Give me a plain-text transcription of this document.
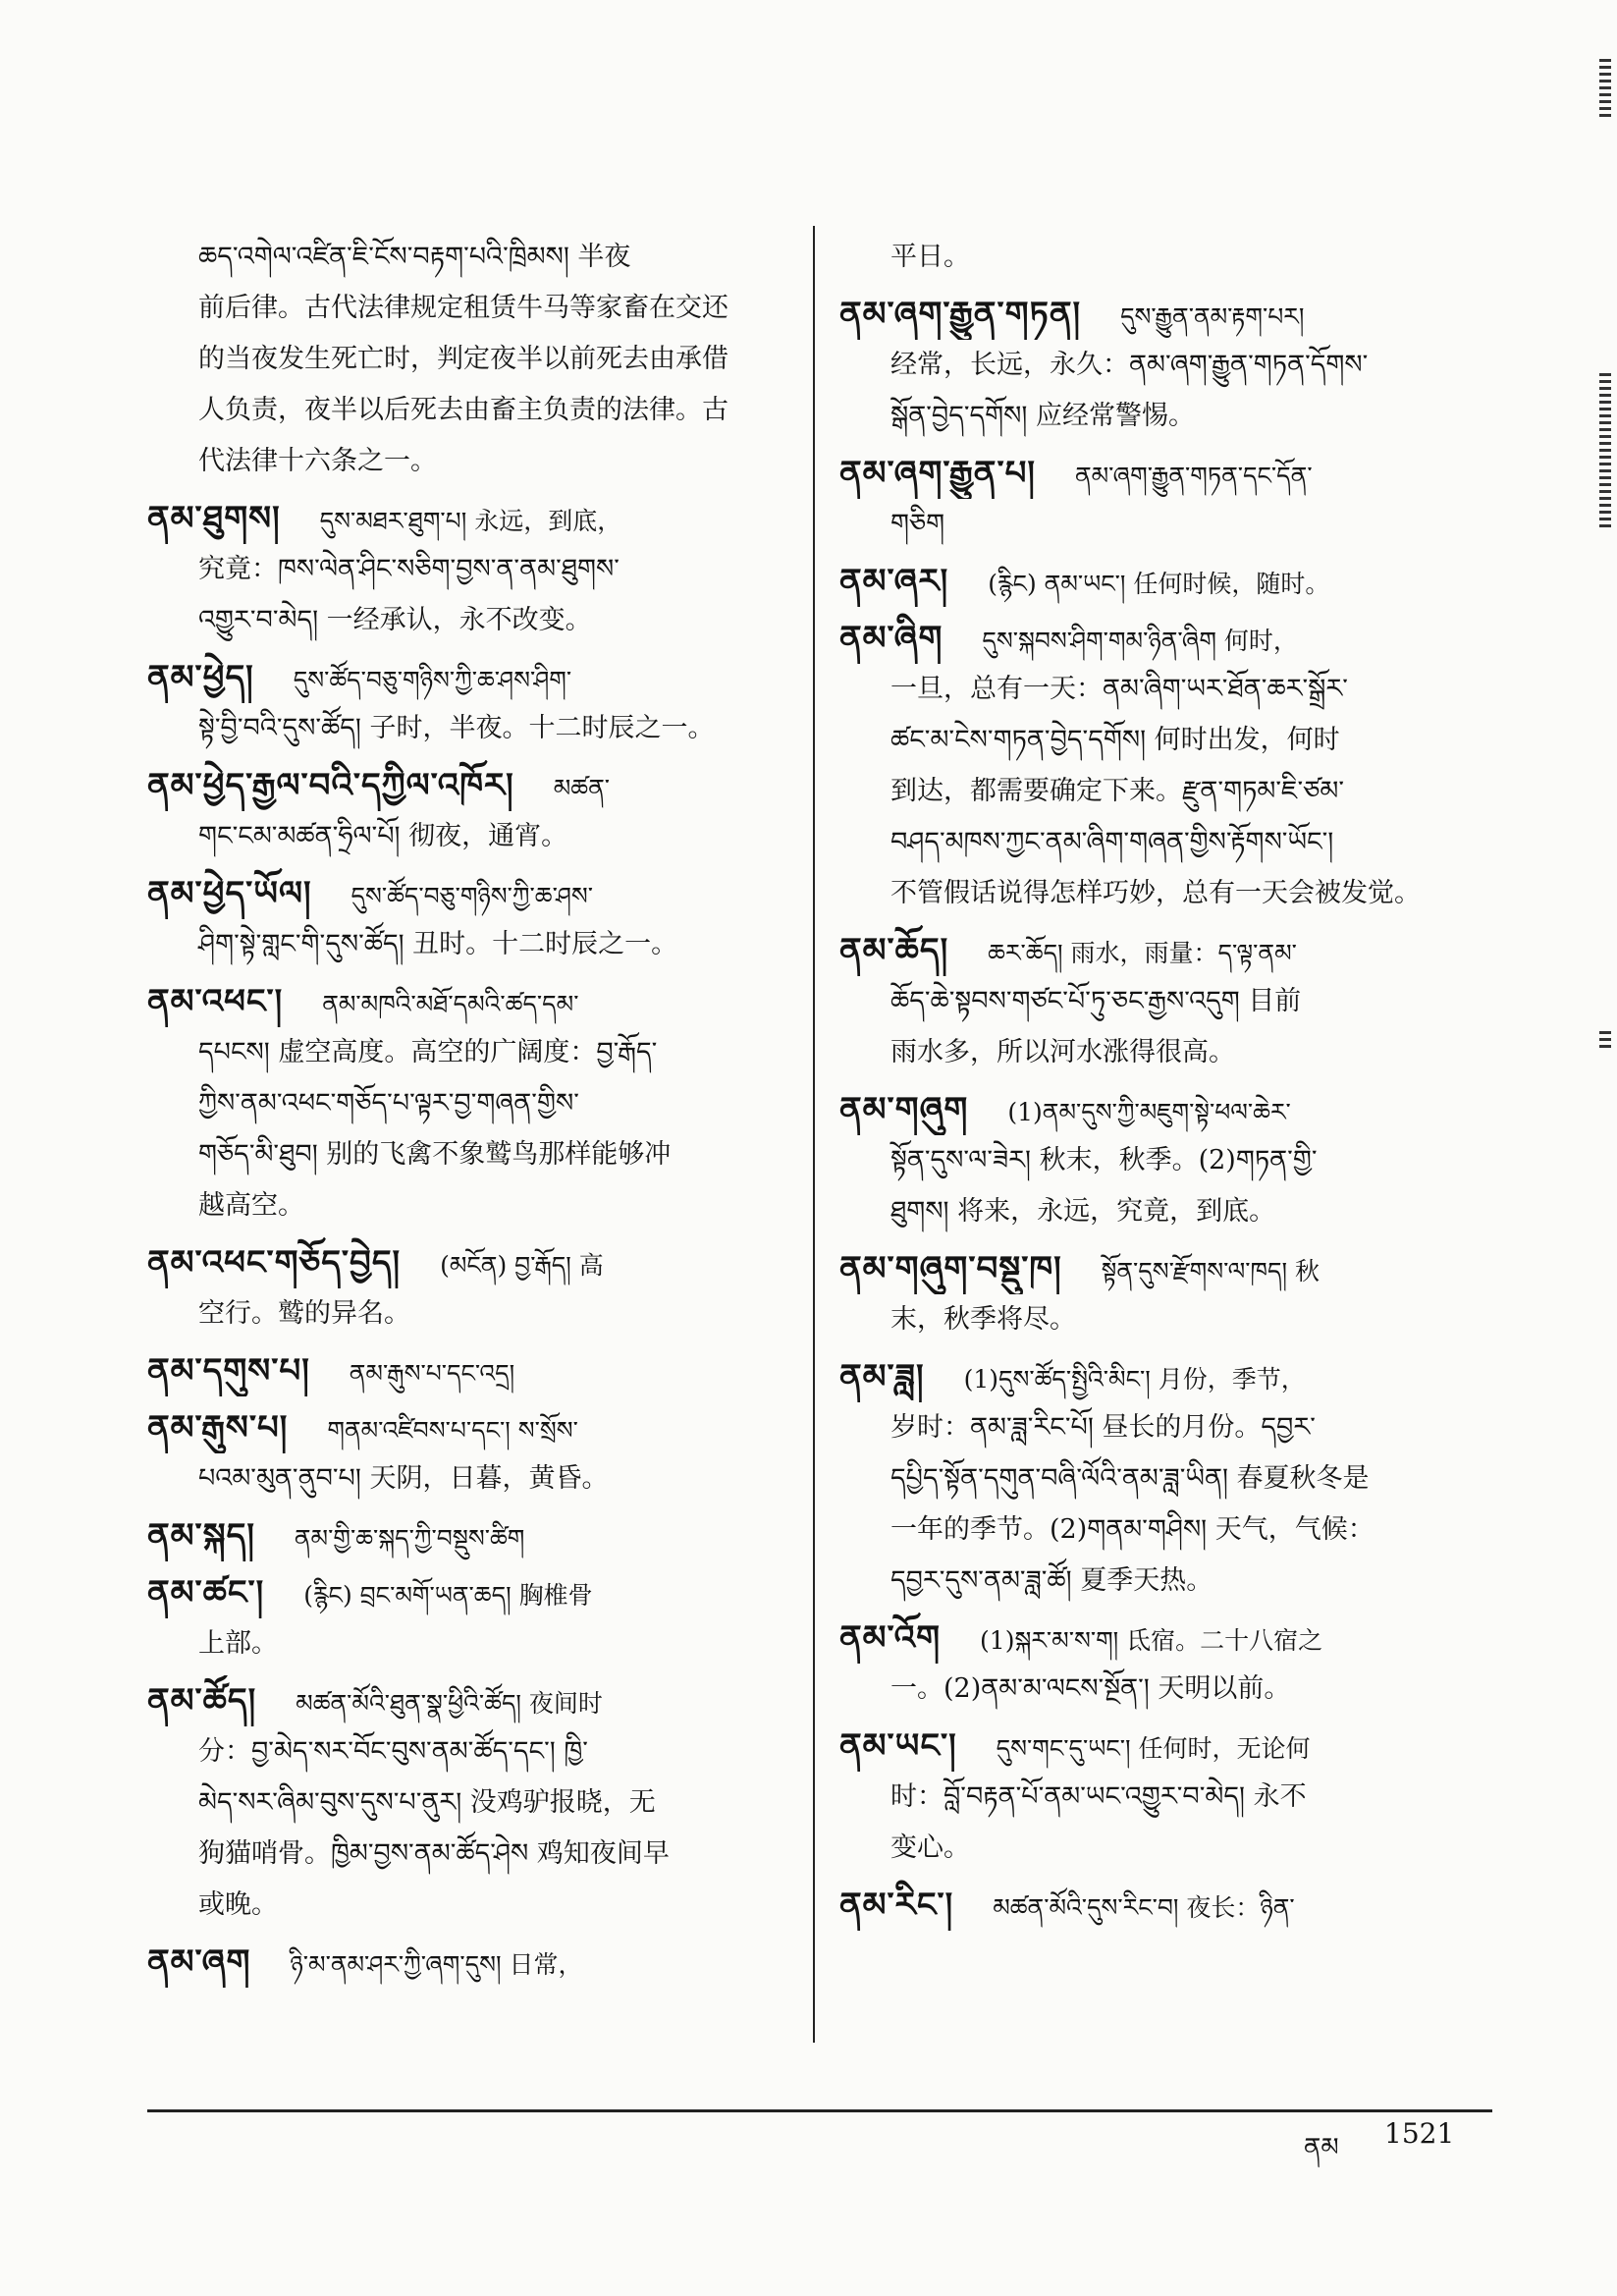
ཆད་འགེལ་འཛིན་ཇི་ངོས་བརྟག་པའི་ཁྲིམས། 半夜
前后律。古代法律规定租赁牛马等家畜在交还
的当夜发生死亡时，判定夜半以前死去由承借
人负责，夜半以后死去由畜主负责的法律。古
代法律十六条之一。
ནམ་ཐུགས། དུས་མཐར་ཐུག་པ། 永远，到底，
究竟：ཁས་ལེན་ཤིང་སཅིག་བྱས་ན་ནམ་ཐུགས་
འགྱུར་བ་མེད། 一经承认，永不改变。
ནམ་ཕྱེད། དུས་ཚོད་བཅུ་གཉིས་ཀྱི་ཆ་ཤས་ཤིག་
སྟེ་བྱི་བའི་དུས་ཚོད། 子时，半夜。十二时辰之一。
ནམ་ཕྱེད་རྒྱལ་བའི་དཀྱིལ་འཁོར། མཚན་
གང་ངམ་མཚན་ཧྲིལ་པོ། 彻夜，通宵。
ནམ་ཕྱེད་ཡོལ། དུས་ཚོད་བཅུ་གཉིས་ཀྱི་ཆ་ཤས་
ཤིག་སྟེ་གླང་གི་དུས་ཚོད། 丑时。十二时辰之一。
ནམ་འཕང་། ནམ་མཁའི་མཐོ་དམའི་ཚད་དམ་
དཔངས། 虚空高度。高空的广阔度：བྱ་རྒོད་
ཀྱིས་ནམ་འཕང་གཅོད་པ་ལྟར་བྱ་གཞན་གྱིས་
གཅོད་མི་ཐུབ། 别的飞禽不象鹫鸟那样能够冲
越高空。
ནམ་འཕང་གཅོད་བྱེད། (མངོན) བྱ་རྒོད། 高
空行。鹫的异名。
ནམ་དགུས་པ། ནམ་རྒུས་པ་དང་འདྲ།
ནམ་རྒུས་པ། གནམ་འཛིབས་པ་དང་། ས་སྲོས་
པའམ་མུན་ནུབ་པ། 天阴，日暮，黄昏。
ནམ་སྐད། ནམ་གྱི་ཆ་སྐད་ཀྱི་བསྡུས་ཚིག
ནམ་ཚང་། (རྙིང) བྲང་མགོ་ཡན་ཆད། 胸椎骨
上部。
ནམ་ཚོད། མཚན་མོའི་ཐུན་སྣ་ཕྱིའི་ཚོད། 夜间时
分：བྱ་མེད་སར་བོང་བུས་ནམ་ཚོད་དང་། ཁྱི་
མེད་སར་ཞིམ་བུས་དུས་པ་ནུར། 没鸡驴报晓，无
狗猫哨骨。ཁྱིམ་བྱས་ནམ་ཚོད་ཤེས 鸡知夜间早
或晚。
ནམ་ཞག ཉི་མ་ནམ་ཤར་ཀྱི་ཞག་དུས། 日常，
平日。
ནམ་ཞག་རྒྱུན་གཏན། དུས་རྒྱུན་ནམ་རྟག་པར།
经常，长远，永久：ནམ་ཞག་རྒྱུན་གཏན་དོགས་
སྒོན་བྱེད་དགོས། 应经常警惕。
ནམ་ཞག་རྒྱུན་པ། ནམ་ཞག་རྒྱུན་གཏན་དང་དོན་
གཅིག
ནམ་ཞར། (རྙིང) ནམ་ཡང་། 任何时候，随时。
ནམ་ཞིག དུས་སྐབས་ཤིག་གམ་ཉིན་ཞིག 何时，
一旦，总有一天：ནམ་ཞིག་ཡར་ཐོན་ཆར་སྒྲོར་
ཚང་མ་ངེས་གཏན་བྱེད་དགོས། 何时出发，何时
到达，都需要确定下来。རྫུན་གཏམ་ཇི་ཙམ་
བཤད་མཁས་ཀྱང་ནམ་ཞིག་གཞན་གྱིས་རྟོགས་ཡོང་།
不管假话说得怎样巧妙，总有一天会被发觉。
ནམ་ཆོད། ཆར་ཆོད། 雨水，雨量：ད་ལྟ་ནམ་
ཆོད་ཆེ་སྟབས་གཙང་པོ་ཏུ་ཅང་རྒྱས་འདུག 目前
雨水多，所以河水涨得很高。
ནམ་གཞུག (1)ནམ་དུས་ཀྱི་མཇུག་སྟེ་ཕལ་ཆེར་
སྟོན་དུས་ལ་ཟེར། 秋末，秋季。(2)གཏན་གྱི་
ཐུགས། 将来，永远，究竟，到底。
ནམ་གཞུག་བསྡུ་ཁ། སྟོན་དུས་རྫོགས་ལ་ཁད། 秋
末，秋季将尽。
ནམ་ཟླ། (1)དུས་ཚོད་སྤྱིའི་མིང་། 月份，季节，
岁时：ནམ་ཟླ་རིང་པོ། 昼长的月份。དབྱར་
དཔྱིད་སྟོན་དགུན་བཞི་ལོའི་ནམ་ཟླ་ཡིན། 春夏秋冬是
一年的季节。(2)གནམ་གཤིས། 天气，气候：
དབྱར་དུས་ནམ་ཟླ་ཚོ། 夏季天热。
ནམ་འོག (1)སྐར་མ་ས་ག། 氐宿。二十八宿之
一。(2)ནམ་མ་ལངས་སྔོན་། 天明以前。
ནམ་ཡང་། དུས་གང་དུ་ཡང་། 任何时，无论何
时：བློ་བརྟན་པོ་ནམ་ཡང་འགྱུར་བ་མེད། 永不
变心。
ནམ་རིང་། མཚན་མོའི་དུས་རིང་བ། 夜长：ཉིན་
ནམ 1521
